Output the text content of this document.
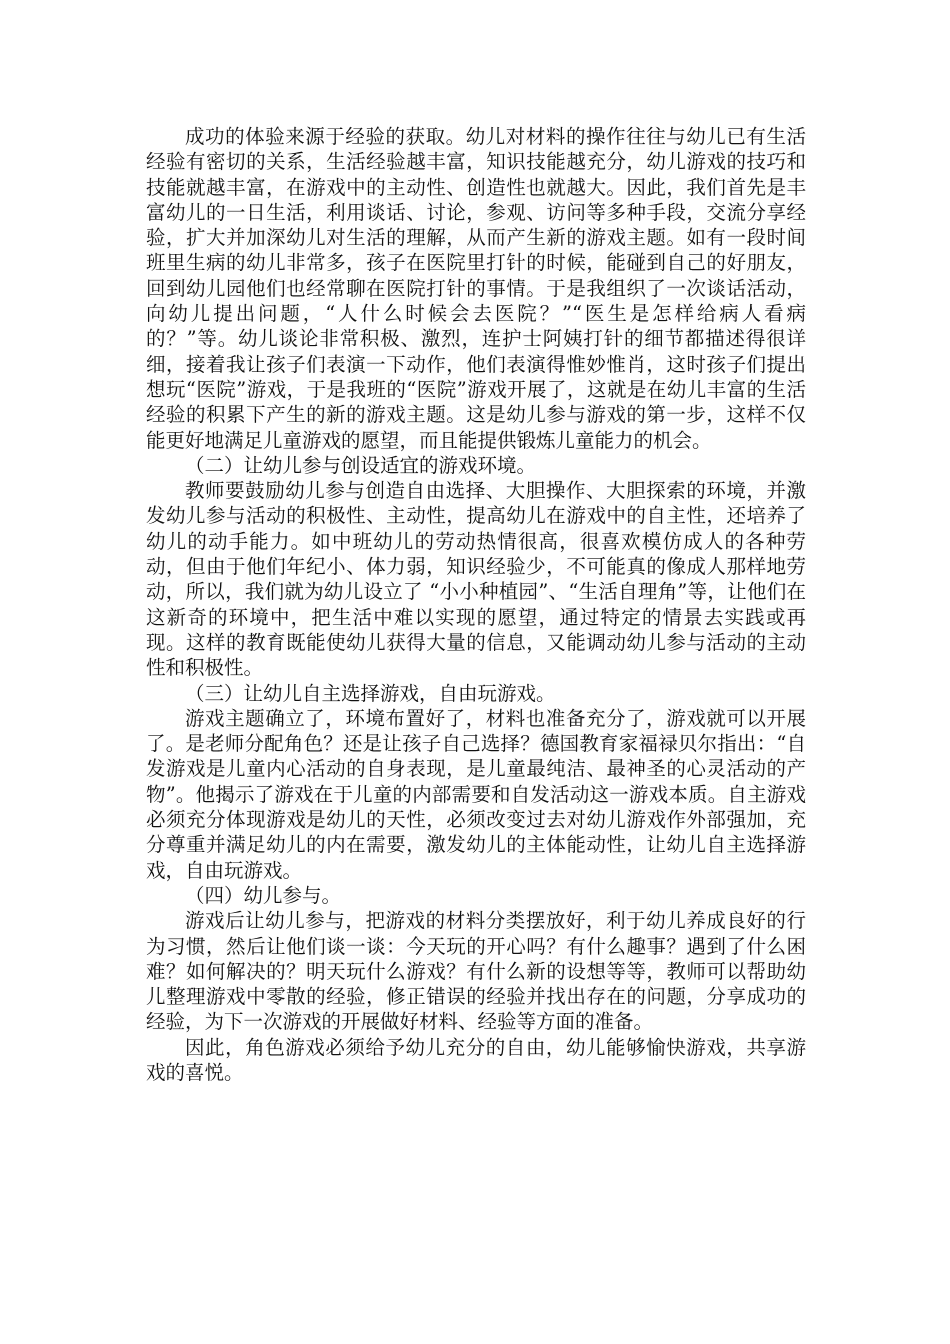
成功的体验来源于经验的获取。幼儿对材料的操作往往与幼儿已有生活经验有密切的关系，生活经验越丰富，知识技能越充分，幼儿游戏的技巧和技能就越丰富，在游戏中的主动性、创造性也就越大。因此，我们首先是丰富幼儿的一日生活，利用谈话、讨论，参观、访问等多种手段，交流分享经验，扩大并加深幼儿对生活的理解，从而产生新的游戏主题。如有一段时间班里生病的幼儿非常多，孩子在医院里打针的时候，能碰到自己的好朋友，回到幼儿园他们也经常聊在医院打针的事情。于是我组织了一次谈话活动，向幼儿提出问题，“人什么时候会去医院？”“医生是怎样给病人看病的？”等。幼儿谈论非常积极、激烈，连护士阿姨打针的细节都描述得很详细，接着我让孩子们表演一下动作，他们表演得惟妙惟肖，这时孩子们提出想玩“医院”游戏，于是我班的“医院”游戏开展了，这就是在幼儿丰富的生活经验的积累下产生的新的游戏主题。这是幼儿参与游戏的第一步，这样不仅能更好地满足儿童游戏的愿望，而且能提供锻炼儿童能力的机会。

（二）让幼儿参与创设适宜的游戏环境。

教师要鼓励幼儿参与创造自由选择、大胆操作、大胆探索的环境，并激发幼儿参与活动的积极性、主动性，提高幼儿在游戏中的自主性，还培养了幼儿的动手能力。如中班幼儿的劳动热情很高，很喜欢模仿成人的各种劳动，但由于他们年纪小、体力弱，知识经验少，不可能真的像成人那样地劳动，所以，我们就为幼儿设立了 “小小种植园”、“生活自理角”等，让他们在这新奇的环境中，把生活中难以实现的愿望，通过特定的情景去实践或再现。这样的教育既能使幼儿获得大量的信息，又能调动幼儿参与活动的主动性和积极性。

（三）让幼儿自主选择游戏，自由玩游戏。

游戏主题确立了，环境布置好了，材料也准备充分了，游戏就可以开展了。是老师分配角色？还是让孩子自己选择？德国教育家福禄贝尔指出：“自发游戏是儿童内心活动的自身表现，是儿童最纯洁、最神圣的心灵活动的产物”。他揭示了游戏在于儿童的内部需要和自发活动这一游戏本质。自主游戏必须充分体现游戏是幼儿的天性，必须改变过去对幼儿游戏作外部强加，充分尊重并满足幼儿的内在需要，激发幼儿的主体能动性，让幼儿自主选择游戏，自由玩游戏。

（四）幼儿参与。

游戏后让幼儿参与，把游戏的材料分类摆放好，利于幼儿养成良好的行为习惯，然后让他们谈一谈：今天玩的开心吗？有什么趣事？遇到了什么困难？如何解决的？明天玩什么游戏？有什么新的设想等等，教师可以帮助幼儿整理游戏中零散的经验，修正错误的经验并找出存在的问题，分享成功的经验，为下一次游戏的开展做好材料、经验等方面的准备。

因此，角色游戏必须给予幼儿充分的自由，幼儿能够愉快游戏，共享游戏的喜悦。
